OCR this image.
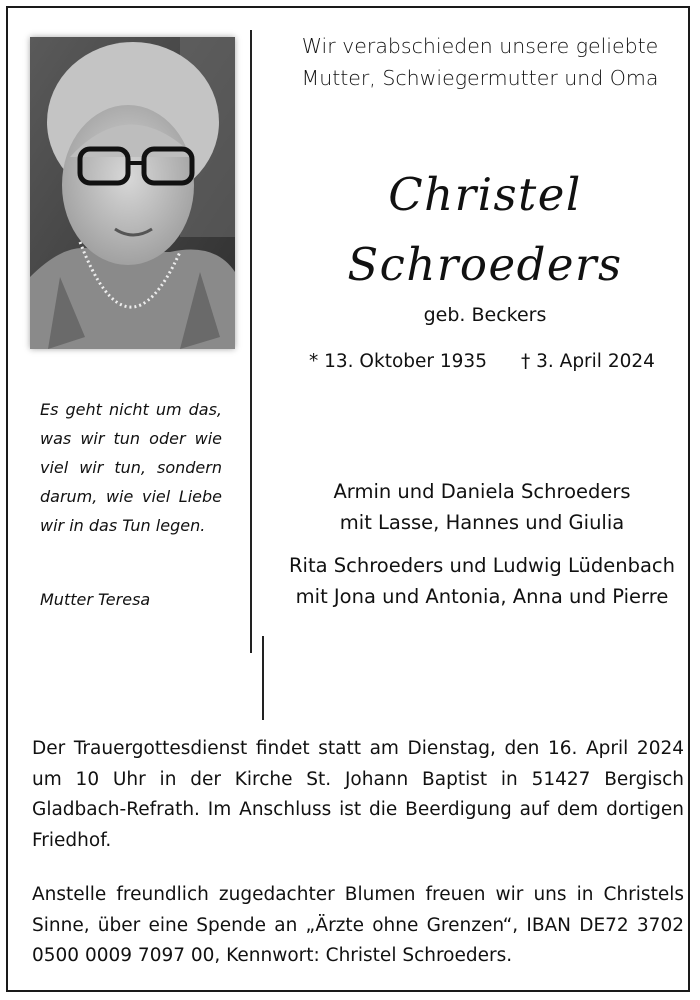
Wir verabschieden unsere geliebte
Mutter, Schwiegermutter und Oma
Christel
Schroeders
geb. Beckers
* 13. Oktober 1935 † 3. April 2024
Es geht nicht um das, was wir tun oder wie viel wir tun, sondern darum, wie viel Liebe wir in das Tun legen.
Mutter Teresa
Armin und Daniela Schroeders
mit Lasse, Hannes und Giulia
Rita Schroeders und Ludwig Lüdenbach
mit Jona und Antonia, Anna und Pierre
Der Trauergottesdienst findet statt am Dienstag, den 16. April 2024 um 10 Uhr in der Kirche St. Johann Baptist in 51427 Bergisch Gladbach-Refrath. Im Anschluss ist die Beerdigung auf dem dortigen Friedhof.
Anstelle freundlich zugedachter Blumen freuen wir uns in Christels Sinne, über eine Spende an „Ärzte ohne Grenzen“, IBAN DE72 3702 0500 0009 7097 00, Kennwort: Christel Schroeders.
